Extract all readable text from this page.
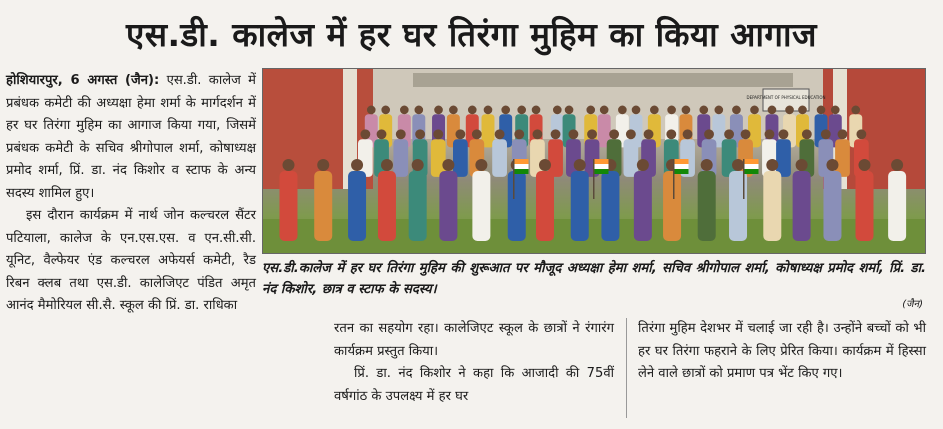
एस.डी. कालेज में हर घर तिरंगा मुहिम का किया आगाज

होशियारपुर, 6 अगस्त (जैन): एस.डी. कालेज में प्रबंधक कमेटी की अध्यक्षा हेमा शर्मा के मार्गदर्शन में हर घर तिरंगा मुहिम का आगाज किया गया, जिसमें प्रबंधक कमेटी के सचिव श्रीगोपाल शर्मा, कोषाध्यक्ष प्रमोद शर्मा, प्रिं. डा. नंद किशोर व स्टाफ के अन्य सदस्य शामिल हुए।

इस दौरान कार्यक्रम में नार्थ जोन कल्चरल सैंटर पटियाला, कालेज के एन.एस.एस. व एन.सी.सी. यूनिट, वैल्फेयर एंड कल्चरल अफेयर्स कमेटी, रैड रिबन क्लब तथा एस.डी. कालेजिएट पंडित अमृत आनंद मैमोरियल सी.सै. स्कूल की प्रिं. डा. राधिका

DEPARTMENT OF PHYSICAL EDUCATION
एस.डी.कालेज में हर घर तिरंगा मुहिम की शुरूआत पर मौजूद अध्यक्षा हेमा शर्मा, सचिव श्रीगोपाल शर्मा, कोषाध्यक्ष प्रमोद शर्मा, प्रिं. डा. नंद किशोर, छात्र व स्टाफ के सदस्य।
(जैन)

रतन का सहयोग रहा। कालेजिएट स्कूल के छात्रों ने रंगारंग कार्यक्रम प्रस्तुत किया।

प्रिं. डा. नंद किशोर ने कहा कि आजादी की 75वीं वर्षगांठ के उपलक्ष्य में हर घर

तिरंगा मुहिम देशभर में चलाई जा रही है। उन्होंने बच्चों को भी हर घर तिरंगा फहराने के लिए प्रेरित किया। कार्यक्रम में हिस्सा लेने वाले छात्रों को प्रमाण पत्र भेंट किए गए।
